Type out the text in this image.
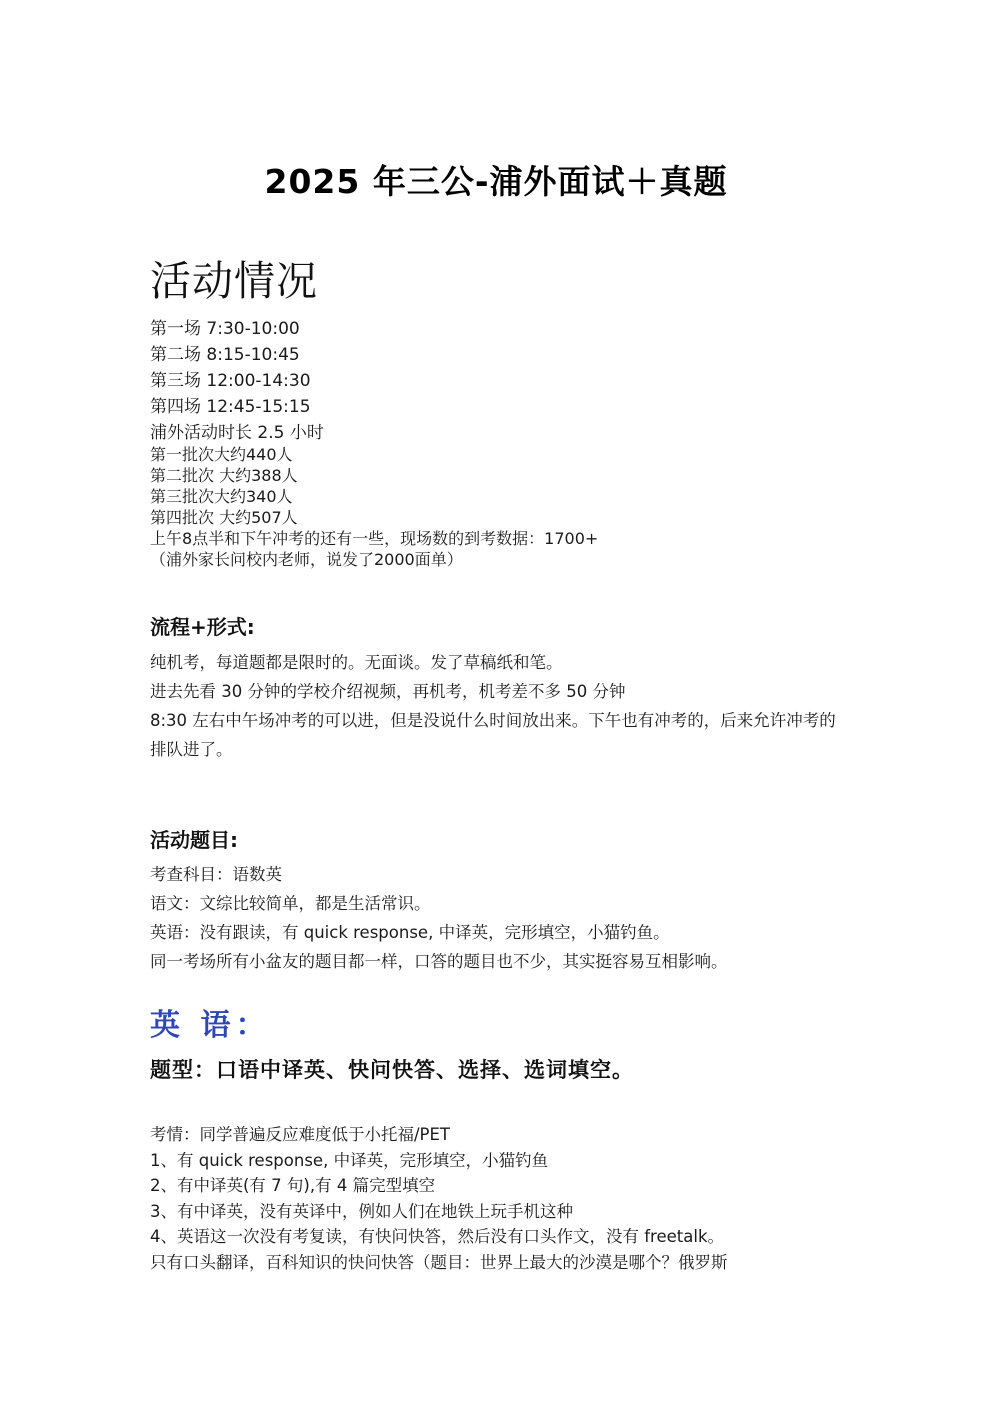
2025 年三公-浦外面试＋真题
活动情况
第一场 7:30-10:00
第二场 8:15-10:45
第三场 12:00-14:30
第四场 12:45-15:15
浦外活动时长 2.5 小时
第一批次大约440人
第二批次 大约388人
第三批次大约340人
第四批次 大约507人
上午8点半和下午冲考的还有一些，现场数的到考数据：1700+
（浦外家长问校内老师，说发了2000面单）
流程+形式:
纯机考，每道题都是限时的。无面谈。发了草稿纸和笔。
进去先看 30 分钟的学校介绍视频，再机考，机考差不多 50 分钟
8:30 左右中午场冲考的可以进，但是没说什么时间放出来。下午也有冲考的，后来允许冲考的排队进了。
活动题目:
考查科目：语数英
语文：文综比较简单，都是生活常识。
英语：没有跟读，有 quick response, 中译英，完形填空，小猫钓鱼。
同一考场所有小盆友的题目都一样，口答的题目也不少，其实挺容易互相影响。
英 语：
题型：口语中译英、快问快答、选择、选词填空。
考情：同学普遍反应难度低于小托福/PET
1、有 quick response, 中译英，完形填空，小猫钓鱼
2、有中译英(有 7 句),有 4 篇完型填空
3、有中译英，没有英译中，例如人们在地铁上玩手机这种
4、英语这一次没有考复读，有快问快答，然后没有口头作文，没有 freetalk。
只有口头翻译，百科知识的快问快答（题目：世界上最大的沙漠是哪个？俄罗斯
